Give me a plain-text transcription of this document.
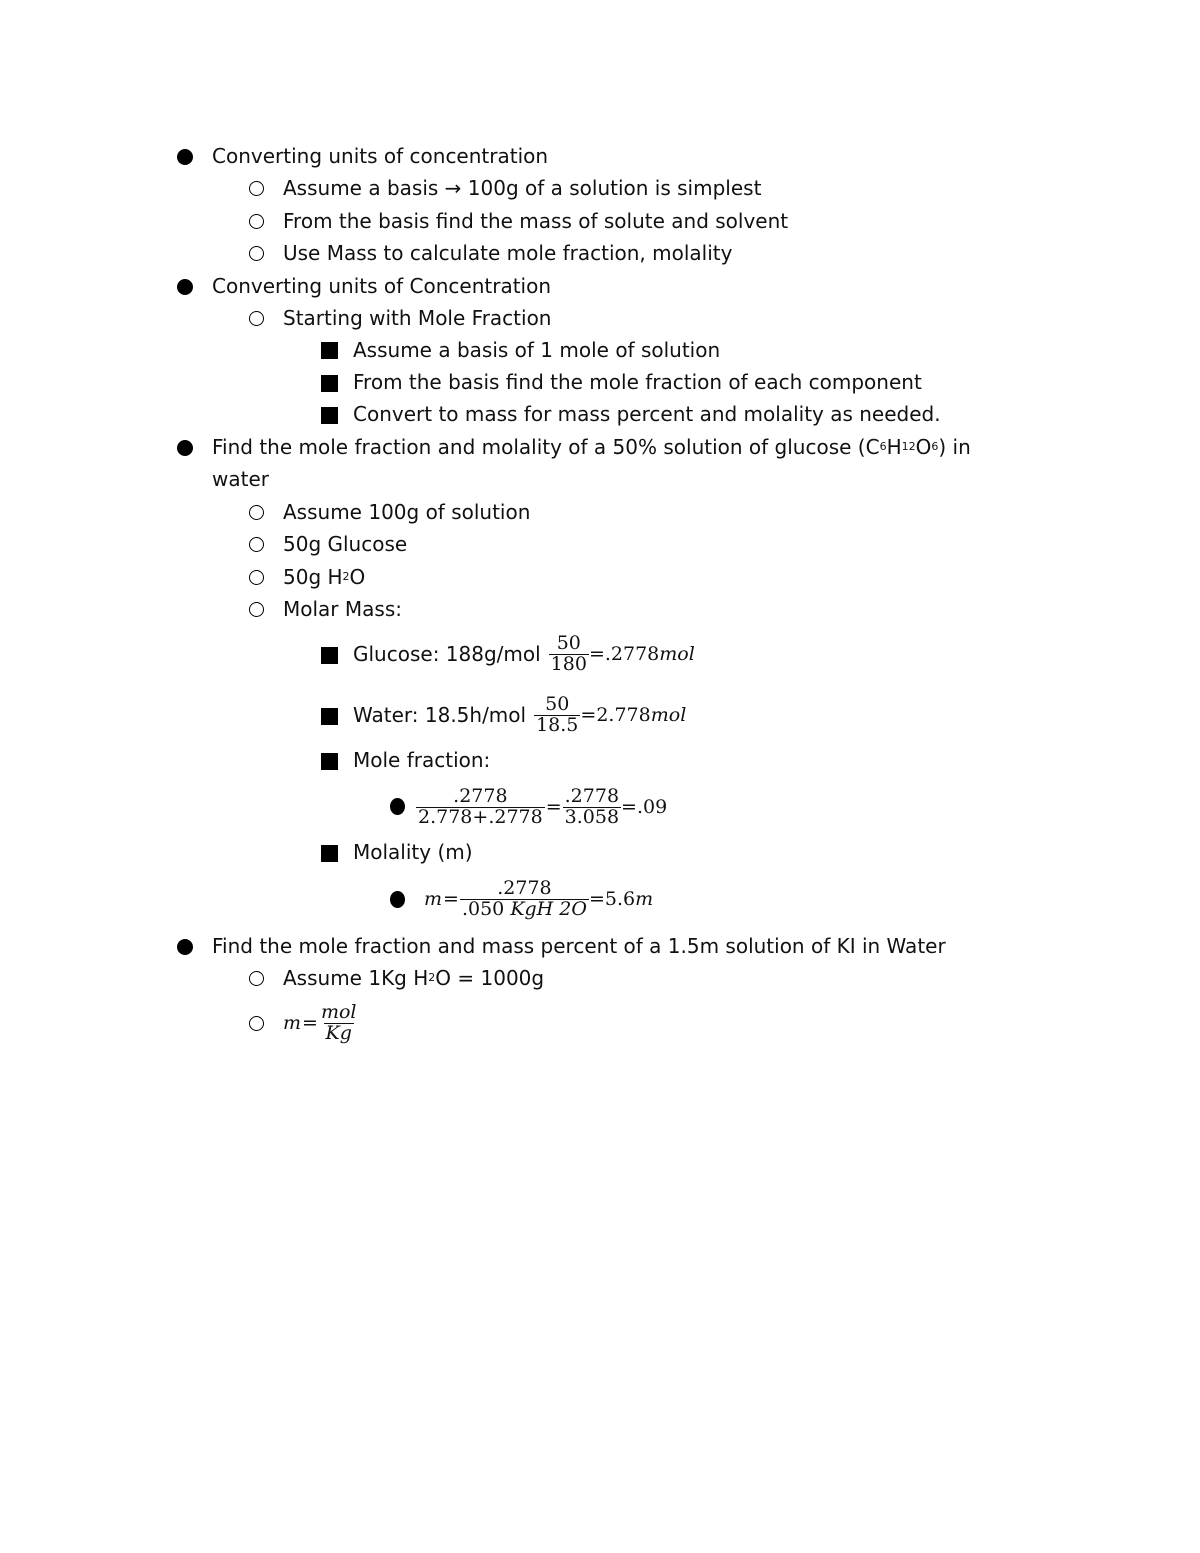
Converting units of concentration
Assume a basis → 100g of a solution is simplest
From the basis find the mass of solute and solvent
Use Mass to calculate mole fraction, molality
Converting units of Concentration
Starting with Mole Fraction
Assume a basis of 1 mole of solution
From the basis find the mole fraction of each component
Convert to mass for mass percent and molality as needed.
Find the mole fraction and molality of a 50% solution of glucose (C 6 H 12 O 6 ) in
water
Assume 100g of solution
50g Glucose
50g H 2 O
Molar Mass:
Glucose: $188g/mol \frac{50}{180} =.2778$ mol
Water: $18.5h/mol \frac{50}{18.5} =2.778$ mol
Mole fraction:
$\frac{.2778}{2.778+.2778} = \frac{.2778}{3.058} =.09$
Molality (m)
$m = \frac{.2778}{\text{.050 KgH 2O}} =5.6$ m
Find the mole fraction and mass percent of a 1.5m solution of KI in Water
Assume 1Kg H 2 O = 1000g
$m = \frac{\text{mol}}{Kg}$
